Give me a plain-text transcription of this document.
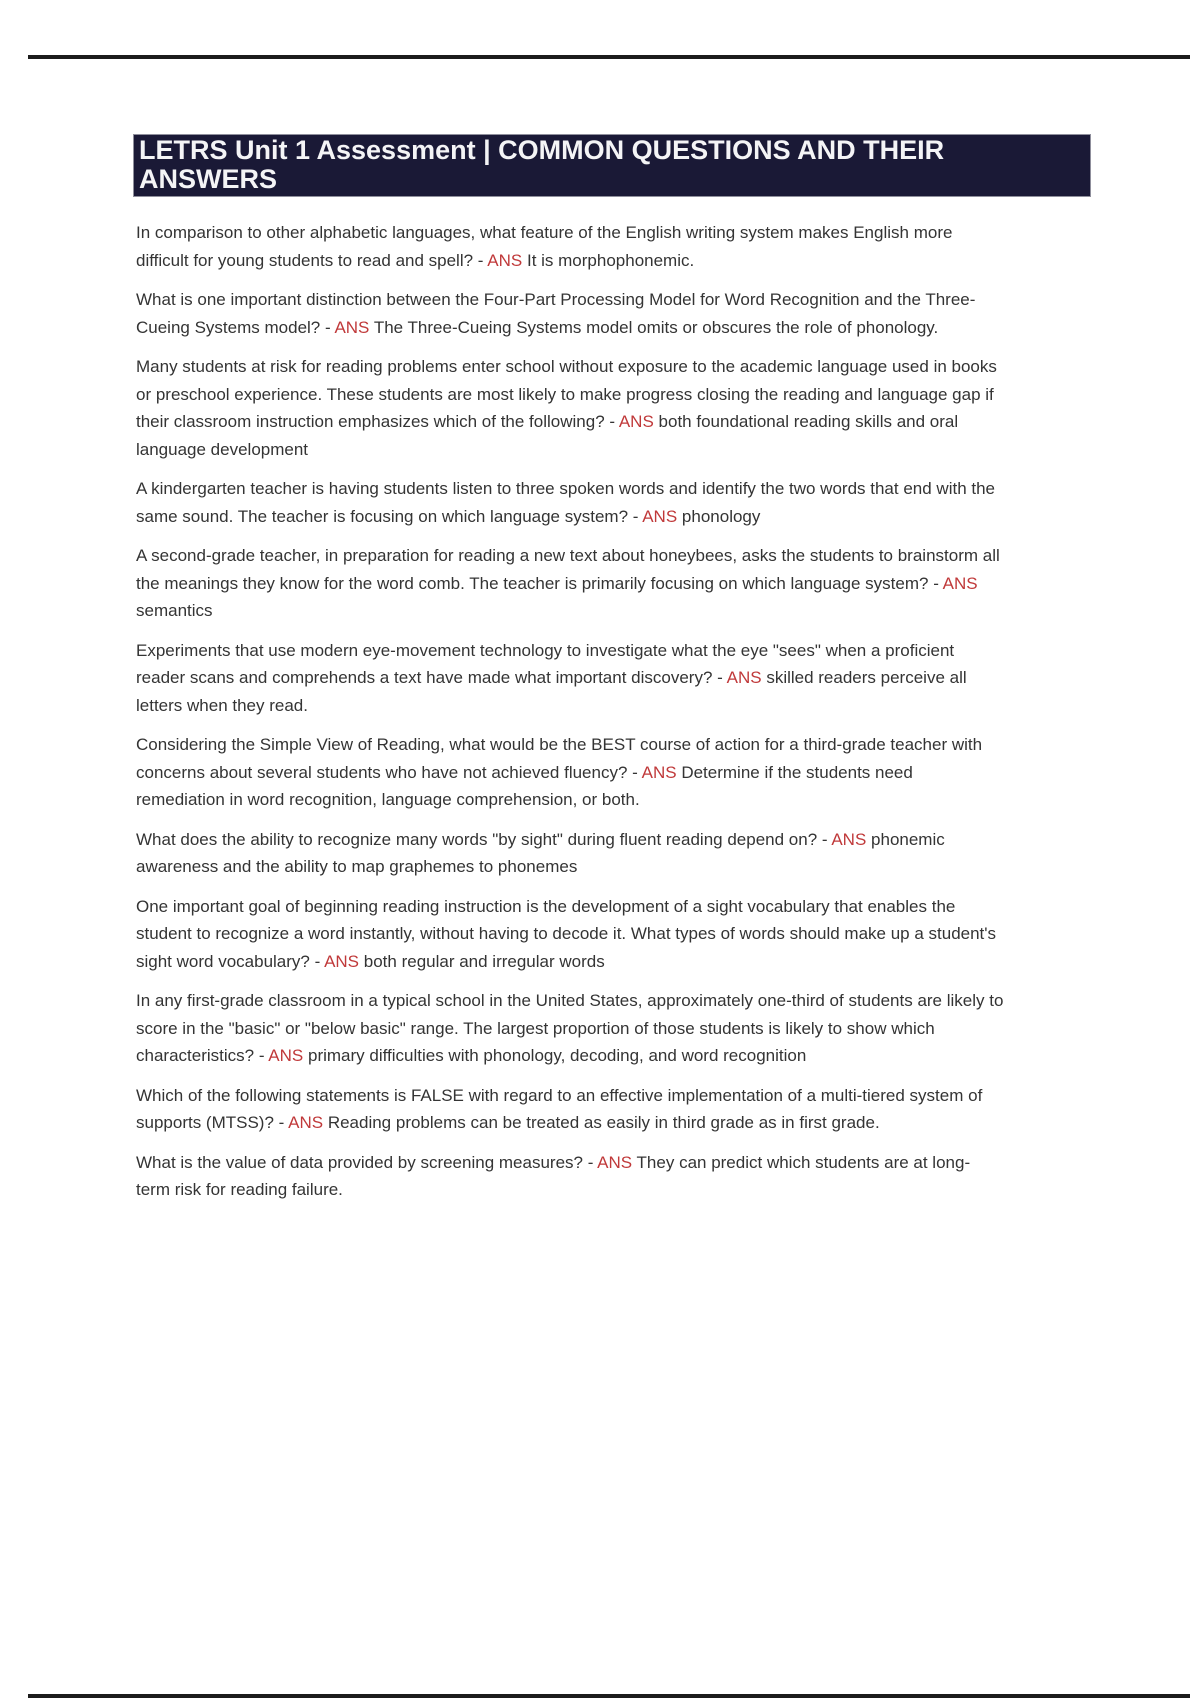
LETRS Unit 1 Assessment | COMMON QUESTIONS AND THEIR ANSWERS

In comparison to other alphabetic languages, what feature of the English writing system makes English more difficult for young students to read and spell? - ANS It is morphophonemic.

What is one important distinction between the Four-Part Processing Model for Word Recognition and the Three-Cueing Systems model? - ANS The Three-Cueing Systems model omits or obscures the role of phonology.

Many students at risk for reading problems enter school without exposure to the academic language used in books or preschool experience. These students are most likely to make progress closing the reading and language gap if their classroom instruction emphasizes which of the following? - ANS both foundational reading skills and oral language development

A kindergarten teacher is having students listen to three spoken words and identify the two words that end with the same sound. The teacher is focusing on which language system? - ANS phonology

A second-grade teacher, in preparation for reading a new text about honeybees, asks the students to brainstorm all the meanings they know for the word comb. The teacher is primarily focusing on which language system? - ANS semantics

Experiments that use modern eye-movement technology to investigate what the eye "sees" when a proficient reader scans and comprehends a text have made what important discovery? - ANS skilled readers perceive all letters when they read.

Considering the Simple View of Reading, what would be the BEST course of action for a third-grade teacher with concerns about several students who have not achieved fluency? - ANS Determine if the students need remediation in word recognition, language comprehension, or both.

What does the ability to recognize many words "by sight" during fluent reading depend on? - ANS phonemic awareness and the ability to map graphemes to phonemes

One important goal of beginning reading instruction is the development of a sight vocabulary that enables the student to recognize a word instantly, without having to decode it. What types of words should make up a student's sight word vocabulary? - ANS both regular and irregular words

In any first-grade classroom in a typical school in the United States, approximately one-third of students are likely to score in the "basic" or "below basic" range. The largest proportion of those students is likely to show which characteristics? - ANS primary difficulties with phonology, decoding, and word recognition

Which of the following statements is FALSE with regard to an effective implementation of a multi-tiered system of supports (MTSS)? - ANS Reading problems can be treated as easily in third grade as in first grade.

What is the value of data provided by screening measures? - ANS They can predict which students are at long-term risk for reading failure.
